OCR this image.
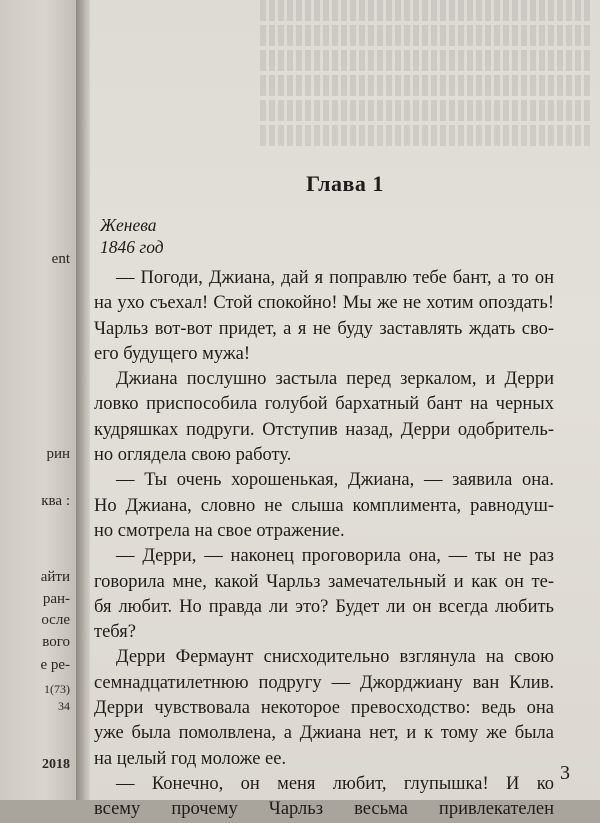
ent
рин
ква :
айти
ран-
осле
вого
е ре-
1(73)
34
2018
Глава 1
Женева
1846 год
— Погоди, Джиана, дай я поправлю тебе бант, а то он
на ухо съехал! Стой спокойно! Мы же не хотим опоздать!
Чарльз вот-вот придет, а я не буду заставлять ждать сво-
его будущего мужа!
Джиана послушно застыла перед зеркалом, и Дерри
ловко приспособила голубой бархатный бант на черных
кудряшках подруги. Отступив назад, Дерри одобритель-
но оглядела свою работу.
— Ты очень хорошенькая, Джиана, — заявила она.
Но Джиана, словно не слыша комплимента, равнодуш-
но смотрела на свое отражение.
— Дерри, — наконец проговорила она, — ты не раз
говорила мне, какой Чарльз замечательный и как он те-
бя любит. Но правда ли это? Будет ли он всегда любить
тебя?
Дерри Фермаунт снисходительно взглянула на свою
семнадцатилетнюю подругу — Джорджиану ван Клив.
Дерри чувствовала некоторое превосходство: ведь она
уже была помолвлена, а Джиана нет, и к тому же была
на целый год моложе ее.
— Конечно, он меня любит, глупышка! И ко
всему прочему Чарльз весьма привлекателен
3
